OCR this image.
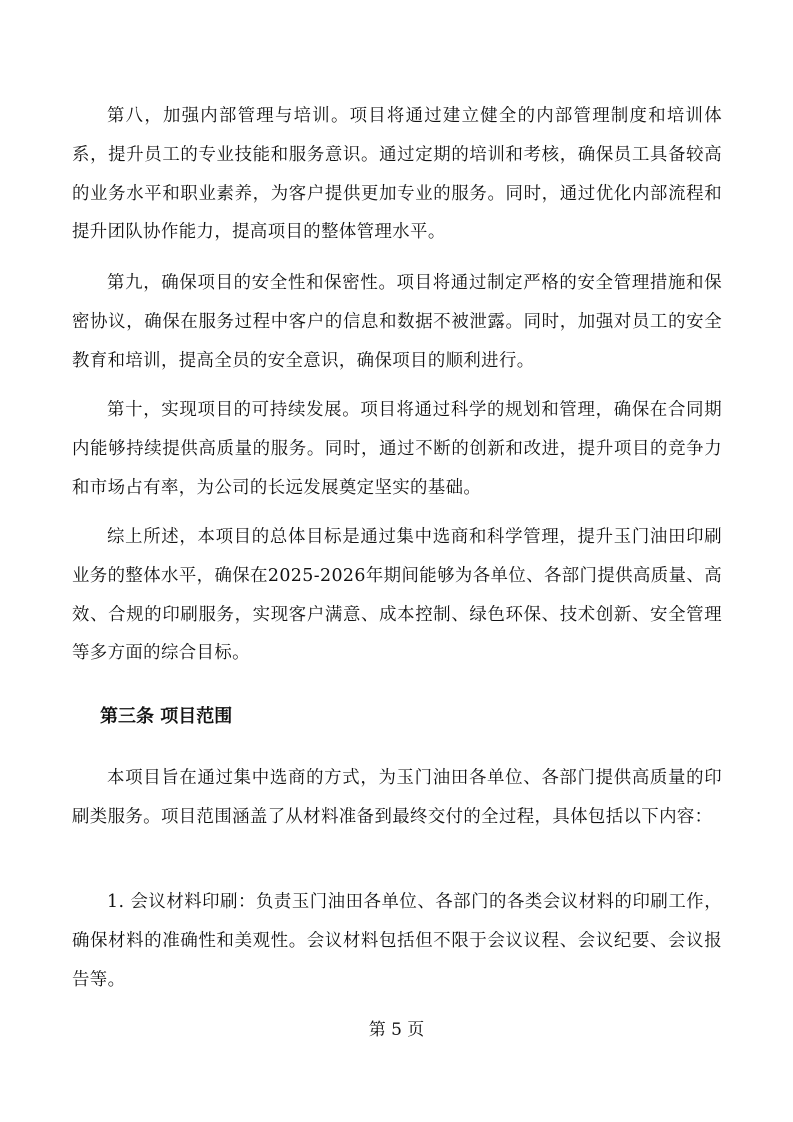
第八，加强内部管理与培训。项目将通过建立健全的内部管理制度和培训体系，提升员工的专业技能和服务意识。通过定期的培训和考核，确保员工具备较高的业务水平和职业素养，为客户提供更加专业的服务。同时，通过优化内部流程和提升团队协作能力，提高项目的整体管理水平。

第九，确保项目的安全性和保密性。项目将通过制定严格的安全管理措施和保密协议，确保在服务过程中客户的信息和数据不被泄露。同时，加强对员工的安全教育和培训，提高全员的安全意识，确保项目的顺利进行。

第十，实现项目的可持续发展。项目将通过科学的规划和管理，确保在合同期内能够持续提供高质量的服务。同时，通过不断的创新和改进，提升项目的竞争力和市场占有率，为公司的长远发展奠定坚实的基础。

综上所述，本项目的总体目标是通过集中选商和科学管理，提升玉门油田印刷业务的整体水平，确保在2025-2026年期间能够为各单位、各部门提供高质量、高效、合规的印刷服务，实现客户满意、成本控制、绿色环保、技术创新、安全管理等多方面的综合目标。

第三条 项目范围

本项目旨在通过集中选商的方式，为玉门油田各单位、各部门提供高质量的印刷类服务。项目范围涵盖了从材料准备到最终交付的全过程，具体包括以下内容：

1. 会议材料印刷：负责玉门油田各单位、各部门的各类会议材料的印刷工作，确保材料的准确性和美观性。会议材料包括但不限于会议议程、会议纪要、会议报告等。

第 5 页
